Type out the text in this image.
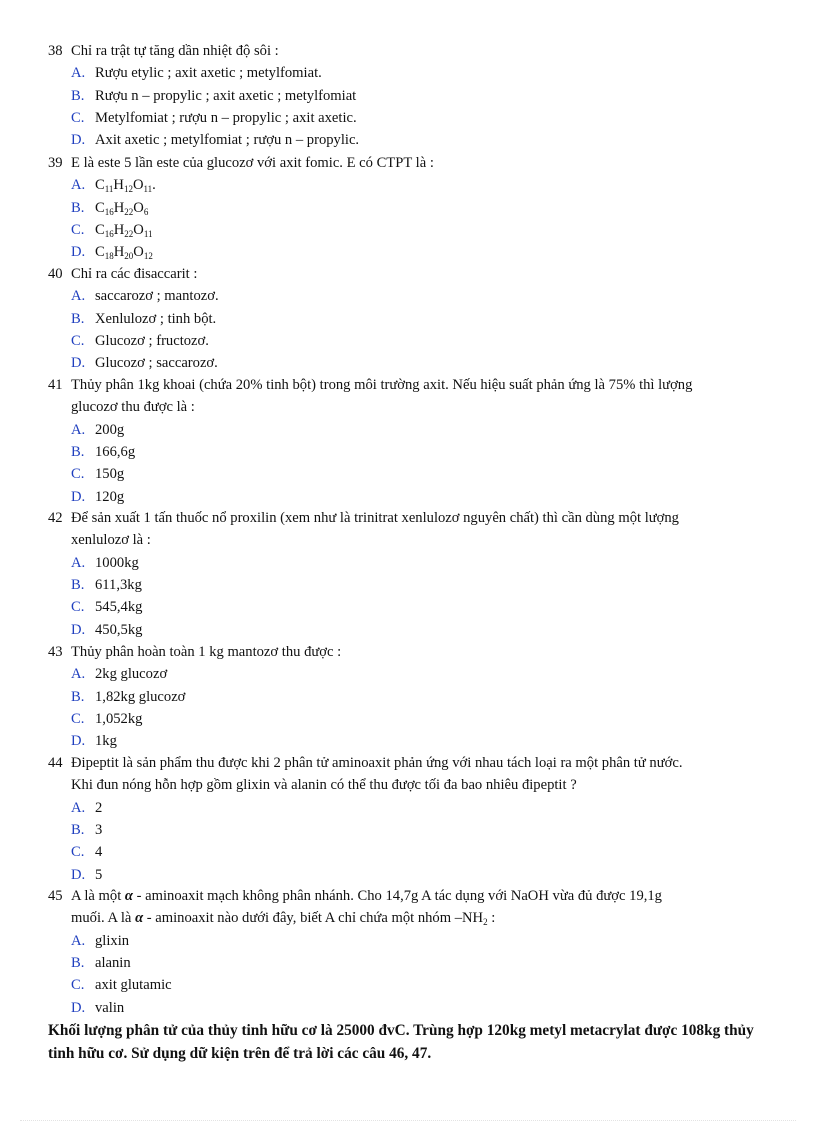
38 Chỉ ra trật tự tăng dần nhiệt độ sôi :
A. Rượu etylic ; axit axetic ; metylfomiat.
B. Rượu n – propylic ; axit axetic ; metylfomiat
C. Metylfomiat ; rượu n – propylic ; axit axetic.
D. Axit axetic ; metylfomiat ; rượu n – propylic.
39 E là este 5 lần este của glucozơ với axit fomic. E có CTPT là :
A. $C_{11}H_{12}O_{11}$.
B. $C_{16}H_{22}O_6$
C. $C_{16}H_{22}O_{11}$
D. $C_{18}H_{20}O_{12}$
40 Chỉ ra các đisaccarit :
A. saccarozơ ; mantozơ.
B. Xenlulozơ ; tinh bột.
C. Glucozơ ; fructozơ.
D. Glucozơ ; saccarozơ.
41 Thủy phân 1kg khoai (chứa 20% tinh bột) trong môi trường axit. Nếu hiệu suất phản ứng là 75% thì lượng
glucozơ thu được là :
A. 200g
B. 166,6g
C. 150g
D. 120g
42 Để sản xuất 1 tấn thuốc nổ proxilin (xem như là trinitrat xenlulozơ nguyên chất) thì cần dùng một lượng
xenlulozơ là :
A. 1000kg
B. 611,3kg
C. 545,4kg
D. 450,5kg
43 Thủy phân hoàn toàn 1 kg mantozơ thu được :
A. 2kg glucozơ
B. 1,82kg glucozơ
C. 1,052kg
D. 1kg
44 Đipeptit là sản phẩm thu được khi 2 phân tử aminoaxit phản ứng với nhau tách loại ra một phân tử nước.
Khi đun nóng hỗn hợp gồm glixin và alanin có thể thu được tối đa bao nhiêu đipeptit ?
A. 2
B. 3
C. 4
D. 5
45 A là một α - aminoaxit mạch không phân nhánh. Cho 14,7g A tác dụng với NaOH vừa đủ được 19,1g
muối. A là α - aminoaxit nào dưới đây, biết A chỉ chứa một nhóm $-NH_2$ :
A. glixin
B. alanin
C. axit glutamic
D. valin
Khối lượng phân tử của thủy tinh hữu cơ là 25000 đvC. Trùng hợp 120kg metyl metacrylat được 108kg thủy tinh hữu cơ. Sử dụng dữ kiện trên để trả lời các câu 46, 47.
